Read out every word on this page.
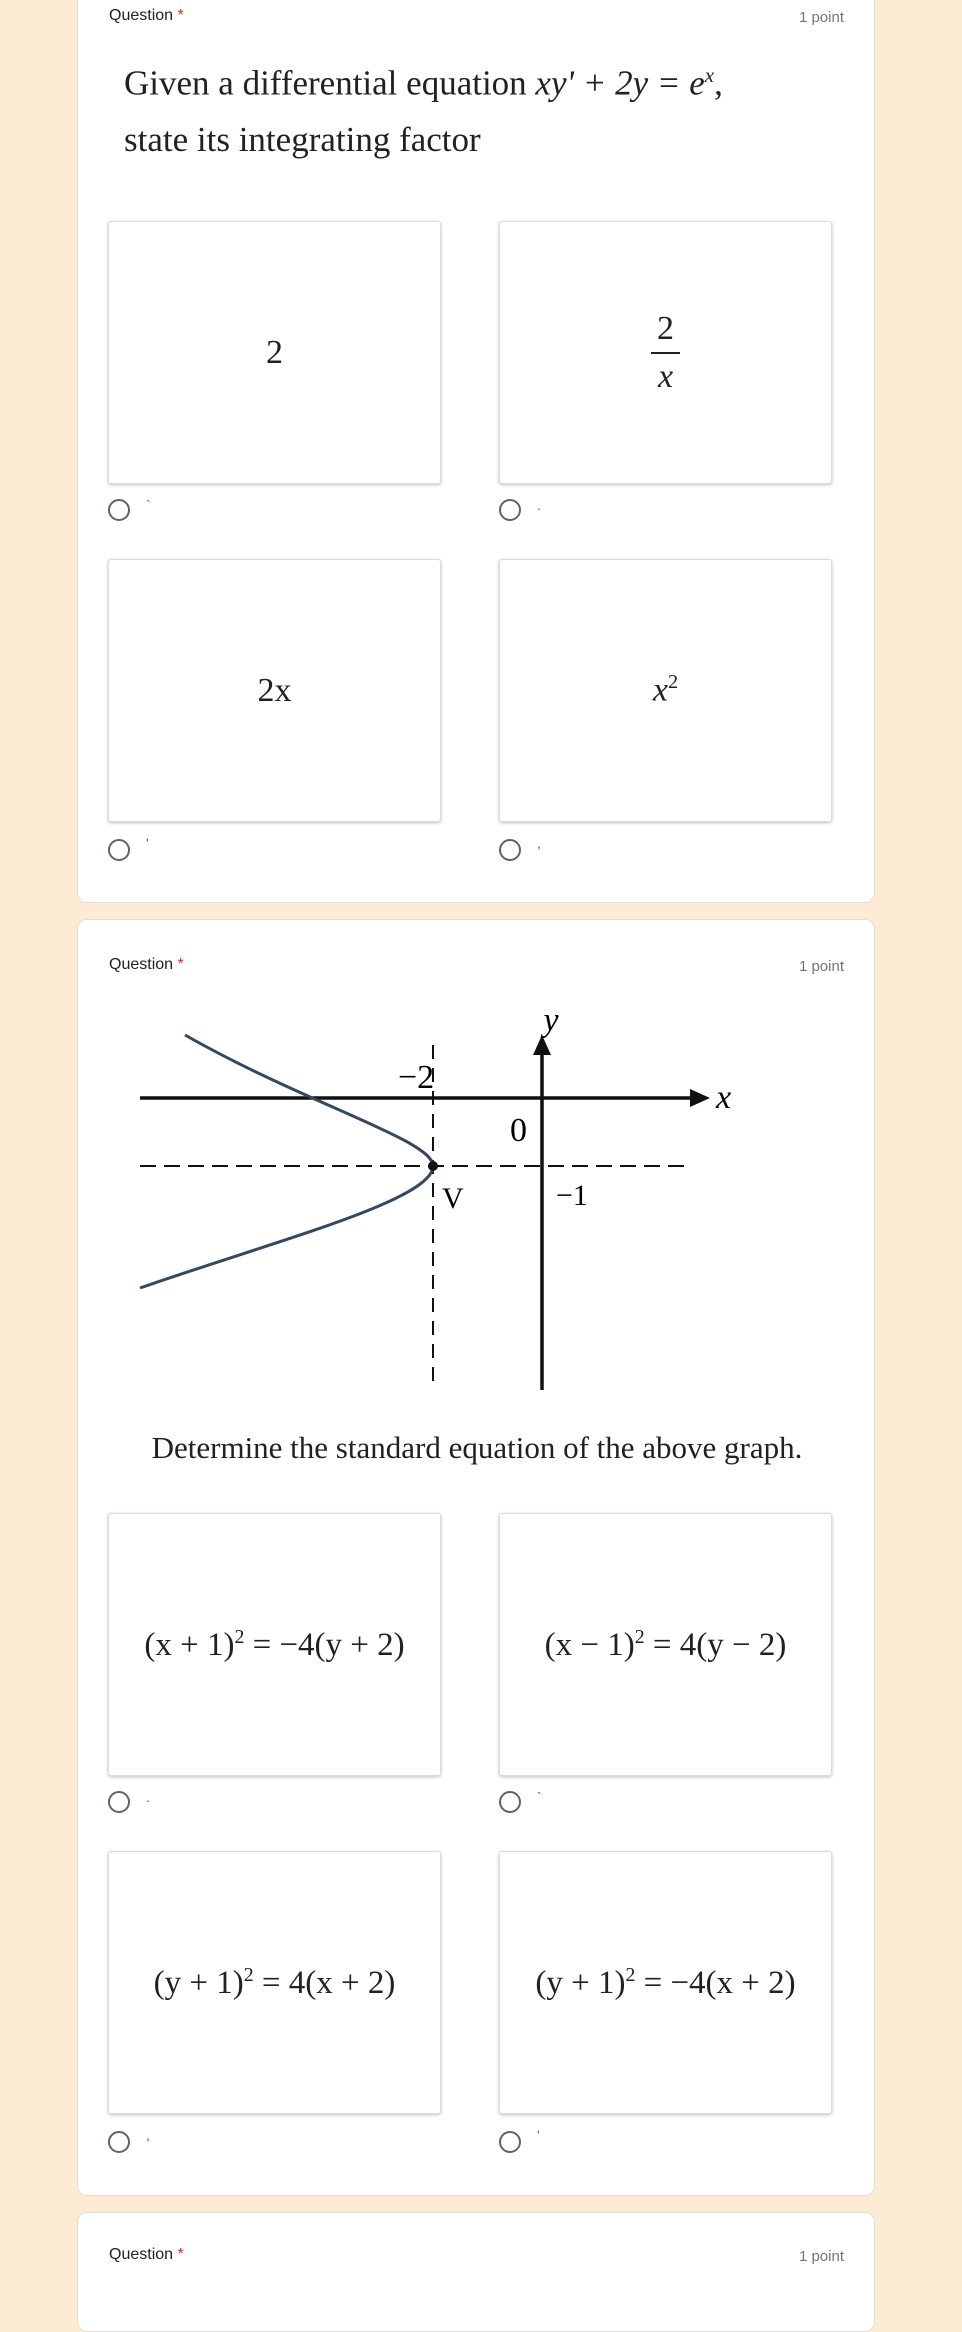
Question *	1 point
Given a differential equation $xy' + 2y = e^x$,
state its integrating factor
2
`
$\frac{2}{x}$
.
2x
'
$x^2$
,
Question *	1 point
y
x
0
−2
−1
V
Determine the standard equation of the above graph.
$(x + 1)^2 = -4(y + 2)$
.
$(x - 1)^2 = 4(y - 2)$
`
$(y + 1)^2 = 4(x + 2)$
,
$(y + 1)^2 = -4(x + 2)$
'
Question *	1 point
